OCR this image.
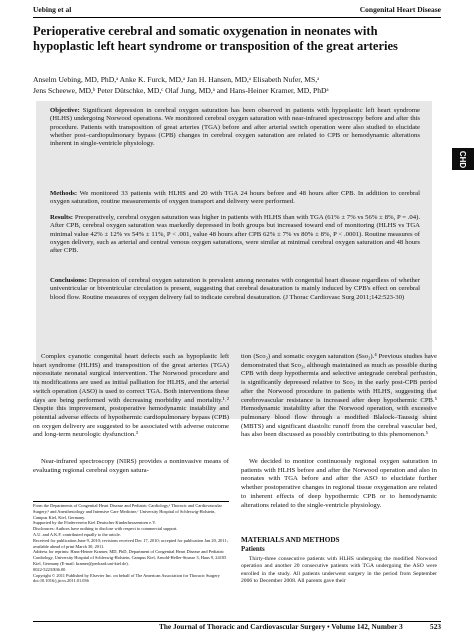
Uebing et al	Congenital Heart Disease
Perioperative cerebral and somatic oxygenation in neonates with
hypoplastic left heart syndrome or transposition of the great arteries

Anselm Uebing, MD, PhD,ᵃ Anke K. Furck, MD,ᵃ Jan H. Hansen, MD,ᵃ Elisabeth Nufer, MS,ᵃ
Jens Scheewe, MD,ᵇ Peter Dütschke, MD,ᶜ Olaf Jung, MD,ᵃ and Hans-Heiner Kramer, MD, PhDᵃ

Objective: Significant depression in cerebral oxygen saturation has been observed in patients with hypoplastic left heart syndrome (HLHS) undergoing Norwood operations. We monitored cerebral oxygen saturation with near-infrared spectroscopy before and after this procedure. Patients with transposition of great arteries (TGA) before and after arterial switch operation were also studied to elucidate whether post–cardiopulmonary bypass (CPB) changes in cerebral oxygen saturation are related to CPB or hemodynamic alterations inherent in single-ventricle physiology.

Methods: We monitored 33 patients with HLHS and 20 with TGA 24 hours before and 48 hours after CPB. In addition to cerebral oxygen saturation, routine measurements of oxygen transport and delivery were performed.

Results: Preoperatively, cerebral oxygen saturation was higher in patients with HLHS than with TGA (61% ± 7% vs 56% ± 8%, P = .04). After CPB, cerebral oxygen saturation was markedly depressed in both groups but increased toward end of monitoring (HLHS vs TGA minimal value 42% ± 12% vs 54% ± 11%, P < .001, value 48 hours after CPB 62% ± 7% vs 80% ± 8%, P < .0001). Routine measures of oxygen delivery, such as arterial and central venous oxygen saturations, were similar at minimal cerebral oxygen saturation and 48 hours after CPB.

Conclusions: Depression of cerebral oxygen saturation is prevalent among neonates with congenital heart disease regardless of whether univentricular or biventricular circulation is present, suggesting that cerebral desaturation is mainly induced by CPB's effect on cerebral blood flow. Routine measures of oxygen delivery fail to indicate cerebral desaturation. (J Thorac Cardiovasc Surg 2011;142:523-30)

CHD

Complex cyanotic congenital heart defects such as hypoplastic left heart syndrome (HLHS) and transposition of the great arteries (TGA) necessitate neonatal surgical intervention. The Norwood procedure and its modifications are used as initial palliation for HLHS, and the arterial switch operation (ASO) is used to correct TGA. Both interventions these days are being performed with decreasing morbidity and mortality.¹˒² Despite this improvement, postoperative hemodynamic instability and potential adverse effects of hypothermic cardiopulmonary bypass (CPB) on oxygen delivery are suggested to be associated with adverse outcome and long-term neurologic dysfunction.³

Near-infrared spectroscopy (NIRS) provides a noninvasive means of evaluating regional cerebral oxygen satura-

From the Departments of Congenital Heart Disease and Pediatric Cardiology,ᵃ Thoracic and Cardiovascular Surgery,ᵇ and Anesthesiology and Intensive Care Medicine,ᶜ University Hospital of Schleswig-Holstein, Campus Kiel, Kiel, Germany.

Supported by the Förderverein Kiel Deutscher Kinderherzzentren e.V.

Disclosures: Authors have nothing to disclose with respect to commercial support.

A.U. and A.K.F. contributed equally to the article.

Received for publication June 9, 2010; revisions received Dec 17, 2010; accepted for publication Jan 20, 2011; available ahead of print March 30, 2011.

Address for reprints: Hans-Heiner Kramer, MD, PhD, Department of Congenital Heart Disease and Pediatric Cardiology, University Hospital of Schleswig-Holstein, Campus Kiel, Arnold-Heller-Strasse 3, Haus 9, 24105 Kiel, Germany (E-mail: kramer@pedcard.uni-kiel.de).

0022-5223/$36.00

Copyright © 2011 Published by Elsevier Inc. on behalf of The American Association for Thoracic Surgery

doi:10.1016/j.jtcvs.2011.01.036

tion (Sco₂) and somatic oxygen saturation (Sso₂).⁴ Previous studies have demonstrated that Sco₂, although maintained as much as possible during CPB with deep hypothermia and selective antegrade cerebral perfusion, is significantly depressed relative to Sco₂ in the early post-CPB period after the Norwood procedure in patients with HLHS, suggesting that cerebrovascular resistance is increased after deep hypothermic CPB.⁵ Hemodynamic instability after the Norwood operation, with excessive pulmonary blood flow through a modified Blalock–Taussig shunt (MBTS) and significant diastolic runoff from the cerebral vascular bed, has also been discussed as possibly contributing to this phenomenon.⁵

We decided to monitor continuously regional oxygen saturation in patients with HLHS before and after the Norwood operation and also in neonates with TGA before and after the ASO to elucidate further whether postoperative changes in regional tissue oxygenation are related to inherent effects of deep hypothermic CPB or to hemodynamic alterations related to the single-ventricle physiology.

MATERIALS AND METHODS
Patients

Thirty-three consecutive patients with HLHS undergoing the modified Norwood operation and another 20 consecutive patients with TGA undergoing the ASO were enrolled in the study. All patients underwent surgery in the period from September 2006 to December 2008. All parents gave their

The Journal of Thoracic and Cardiovascular Surgery • Volume 142, Number 3	523
